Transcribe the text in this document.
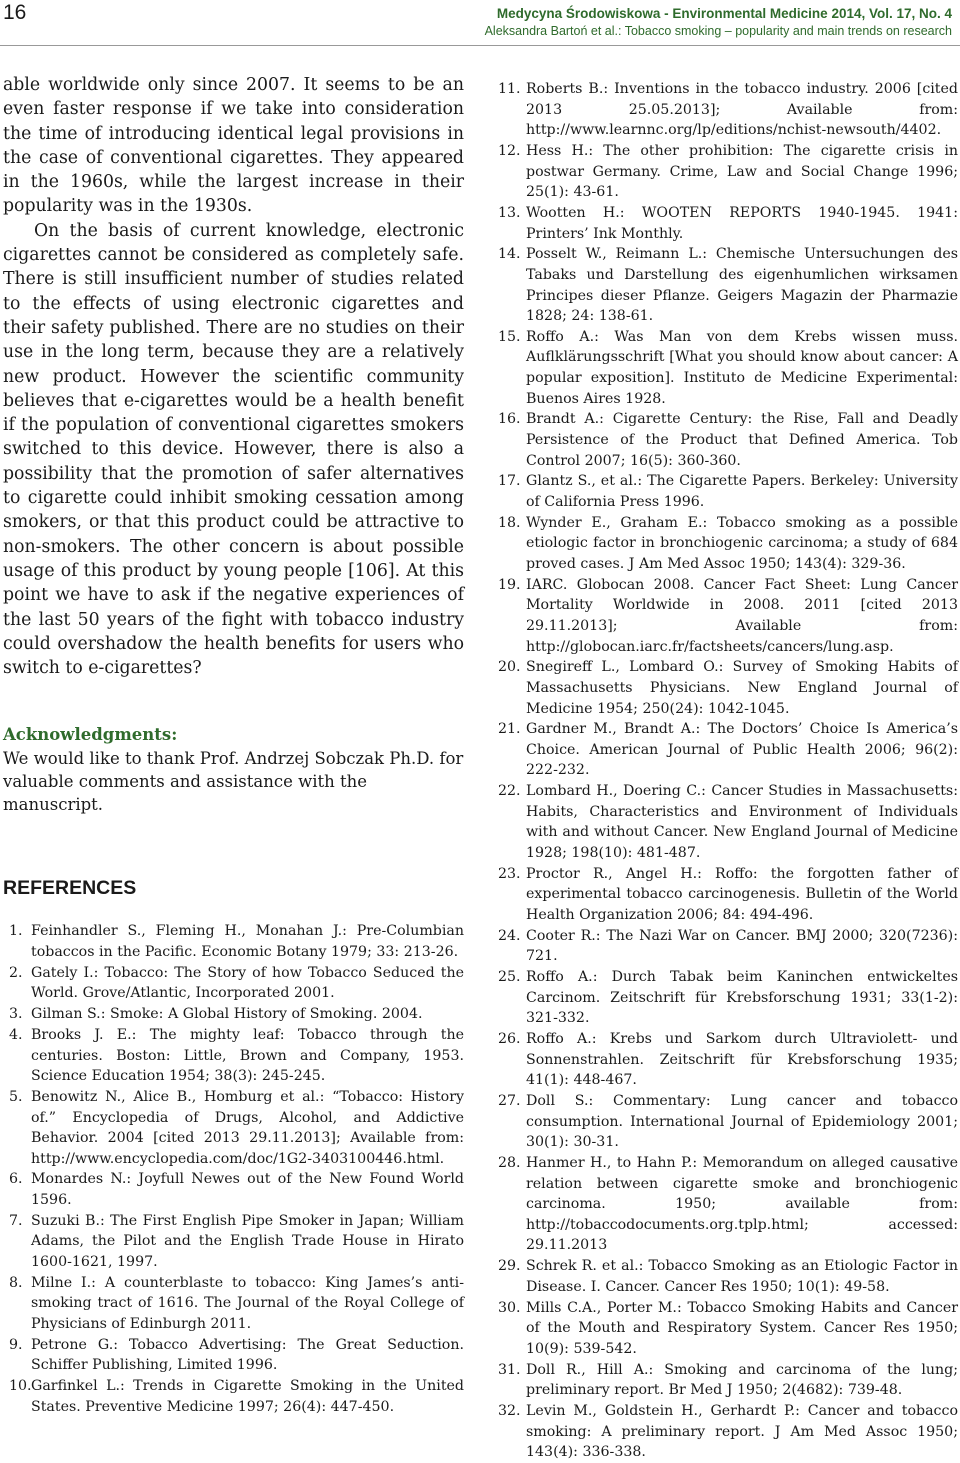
16	Medycyna Środowiskowa - Environmental Medicine 2014, Vol. 17, No. 4
Aleksandra Bartoń et al.: Tobacco smoking – popularity and main trends on research

able worldwide only since 2007. It seems to be an even faster response if we take into consideration the time of introducing identical legal provisions in the case of conventional cigarettes. They appeared in the 1960s, while the largest increase in their popularity was in the 1930s.

On the basis of current knowledge, electronic cigarettes cannot be considered as completely safe. There is still insufficient number of studies related to the effects of using electronic cigarettes and their safety published. There are no studies on their use in the long term, because they are a relatively new product. However the scientific community believes that e-cigarettes would be a health benefit if the population of conventional cigarettes smokers switched to this device. However, there is also a possibility that the promotion of safer alternatives to cigarette could inhibit smoking cessation among smokers, or that this product could be attractive to non-smokers. The other concern is about possible usage of this product by young people [106]. At this point we have to ask if the negative experiences of the last 50 years of the fight with tobacco industry could overshadow the health benefits for users who switch to e-cigarettes?

Acknowledgments:

We would like to thank Prof. Andrzej Sobczak Ph.D. for valuable comments and assistance with the manuscript.

REFERENCES
1. Feinhandler S., Fleming H., Monahan J.: Pre-Columbian tobaccos in the Pacific. Economic Botany 1979; 33: 213-26.
2. Gately I.: Tobacco: The Story of how Tobacco Seduced the World. Grove/Atlantic, Incorporated 2001.
3. Gilman S.: Smoke: A Global History of Smoking. 2004.
4. Brooks J. E.: The mighty leaf: Tobacco through the centuries. Boston: Little, Brown and Company, 1953. Science Education 1954; 38(3): 245-245.
5. Benowitz N., Alice B., Homburg et al.: “Tobacco: History of.” Encyclopedia of Drugs, Alcohol, and Addictive Behavior. 2004 [cited 2013 29.11.2013]; Available from: http://www.encyclopedia.com/doc/1G2-3403100446.html.
6. Monardes N.: Joyfull Newes out of the New Found World 1596.
7. Suzuki B.: The First English Pipe Smoker in Japan; William Adams, the Pilot and the English Trade House in Hirato 1600-1621, 1997.
8. Milne I.: A counterblaste to tobacco: King James’s anti-smoking tract of 1616. The Journal of the Royal College of Physicians of Edinburgh 2011.
9. Petrone G.: Tobacco Advertising: The Great Seduction. Schiffer Publishing, Limited 1996.
10. Garfinkel L.: Trends in Cigarette Smoking in the United States. Preventive Medicine 1997; 26(4): 447-450.
11. Roberts B.: Inventions in the tobacco industry. 2006 [cited 2013 25.05.2013]; Available from: http://www.learnnc.org/lp/editions/nchist-newsouth/4402.
12. Hess H.: The other prohibition: The cigarette crisis in postwar Germany. Crime, Law and Social Change 1996; 25(1): 43-61.
13. Wootten H.: WOOTEN REPORTS 1940-1945. 1941: Printers’ Ink Monthly.
14. Posselt W., Reimann L.: Chemische Untersuchungen des Tabaks und Darstellung des eigenhumlichen wirksamen Principes dieser Pflanze. Geigers Magazin der Pharmazie 1828; 24: 138-61.
15. Roffo A.: Was Man von dem Krebs wissen muss. Auflklärungsschrift [What you should know about cancer: A popular exposition]. Instituto de Medicine Experimental: Buenos Aires 1928.
16. Brandt A.: Cigarette Century: the Rise, Fall and Deadly Persistence of the Product that Defined America. Tob Control 2007; 16(5): 360-360.
17. Glantz S., et al.: The Cigarette Papers. Berkeley: University of California Press 1996.
18. Wynder E., Graham E.: Tobacco smoking as a possible etiologic factor in bronchiogenic carcinoma; a study of 684 proved cases. J Am Med Assoc 1950; 143(4): 329-36.
19. IARC. Globocan 2008. Cancer Fact Sheet: Lung Cancer Mortality Worldwide in 2008. 2011 [cited 2013 29.11.2013]; Available from: http://globocan.iarc.fr/factsheets/cancers/lung.asp.
20. Snegireff L., Lombard O.: Survey of Smoking Habits of Massachusetts Physicians. New England Journal of Medicine 1954; 250(24): 1042-1045.
21. Gardner M., Brandt A.: The Doctors’ Choice Is America’s Choice. American Journal of Public Health 2006; 96(2): 222-232.
22. Lombard H., Doering C.: Cancer Studies in Massachusetts: Habits, Characteristics and Environment of Individuals with and without Cancer. New England Journal of Medicine 1928; 198(10): 481-487.
23. Proctor R., Angel H.: Roffo: the forgotten father of experimental tobacco carcinogenesis. Bulletin of the World Health Organization 2006; 84: 494-496.
24. Cooter R.: The Nazi War on Cancer. BMJ 2000; 320(7236): 721.
25. Roffo A.: Durch Tabak beim Kaninchen entwickeltes Carcinom. Zeitschrift für Krebsforschung 1931; 33(1-2): 321-332.
26. Roffo A.: Krebs und Sarkom durch Ultraviolett- und Sonnenstrahlen. Zeitschrift für Krebsforschung 1935; 41(1): 448-467.
27. Doll S.: Commentary: Lung cancer and tobacco consumption. International Journal of Epidemiology 2001; 30(1): 30-31.
28. Hanmer H., to Hahn P.: Memorandum on alleged causative relation between cigarette smoke and bronchiogenic carcinoma. 1950; available from: http://tobaccodocuments.org.tplp.html; accessed: 29.11.2013
29. Schrek R. et al.: Tobacco Smoking as an Etiologic Factor in Disease. I. Cancer. Cancer Res 1950; 10(1): 49-58.
30. Mills C.A., Porter M.: Tobacco Smoking Habits and Cancer of the Mouth and Respiratory System. Cancer Res 1950; 10(9): 539-542.
31. Doll R., Hill A.: Smoking and carcinoma of the lung; preliminary report. Br Med J 1950; 2(4682): 739-48.
32. Levin M., Goldstein H., Gerhardt P.: Cancer and tobacco smoking: A preliminary report. J Am Med Assoc 1950; 143(4): 336-338.
